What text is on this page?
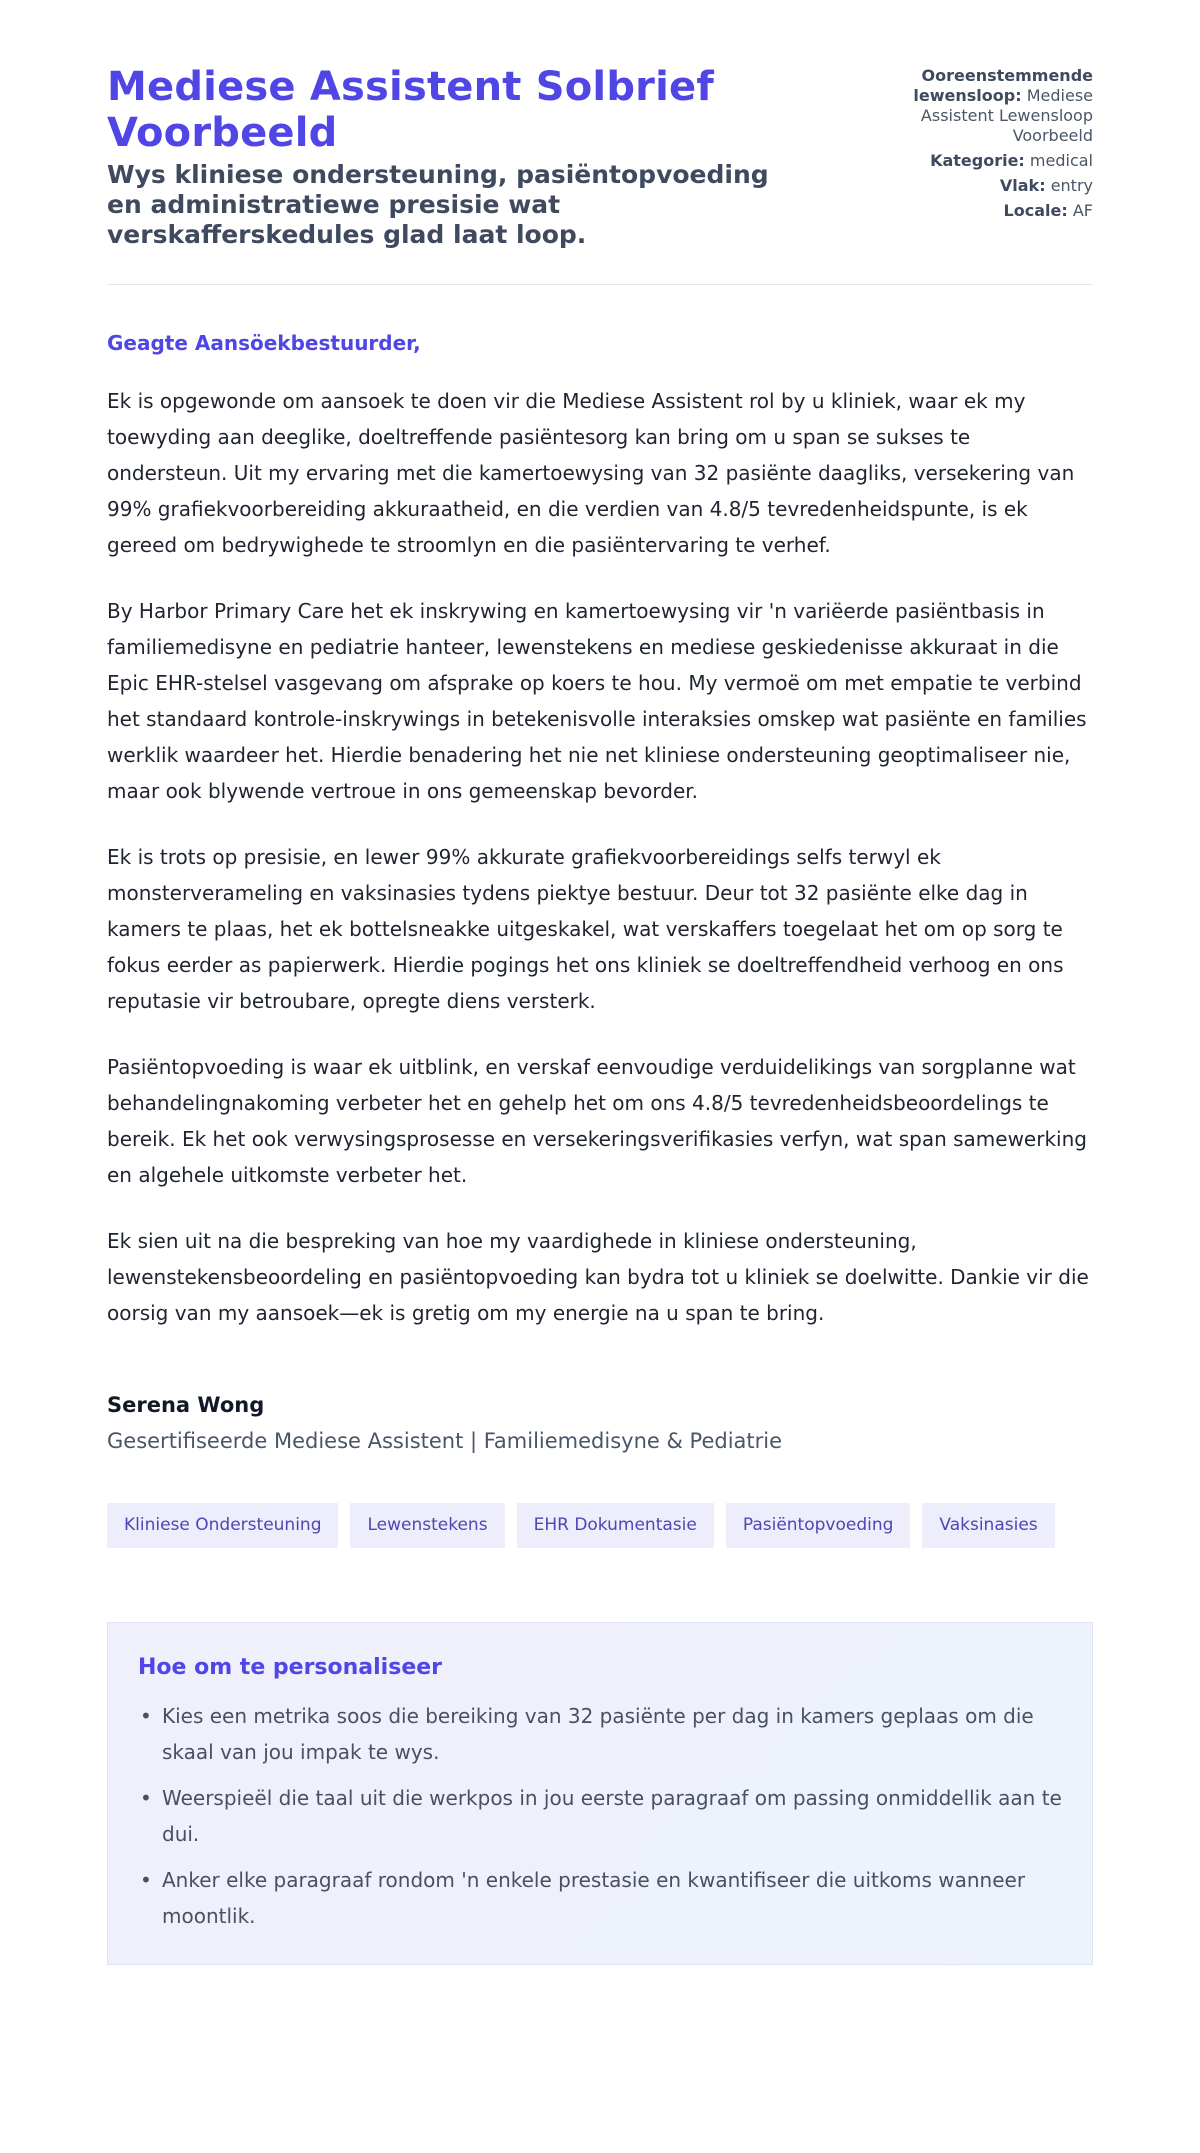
Mediese Assistent Solbrief Voorbeeld
Wys kliniese ondersteuning, pasiëntopvoeding en administratiewe presisie wat verskafferskedules glad laat loop.
Ooreenstemmende lewensloop: Mediese Assistent Lewensloop Voorbeeld
Kategorie: medical
Vlak: entry
Locale: AF
Geagte Aansöekbestuurder,

Ek is opgewonde om aansoek te doen vir die Mediese Assistent rol by u kliniek, waar ek my toewyding aan deeglike, doeltreffende pasiëntesorg kan bring om u span se sukses te ondersteun. Uit my ervaring met die kamertoewysing van 32 pasiënte daagliks, versekering van 99% grafiekvoorbereiding akkuraatheid, en die verdien van 4.8/5 tevredenheidspunte, is ek gereed om bedrywighede te stroomlyn en die pasiëntervaring te verhef.

By Harbor Primary Care het ek inskrywing en kamertoewysing vir 'n variëerde pasiëntbasis in familiemedisyne en pediatrie hanteer, lewenstekens en mediese geskiedenisse akkuraat in die Epic EHR-stelsel vasgevang om afsprake op koers te hou. My vermoë om met empatie te verbind het standaard kontrole-inskrywings in betekenisvolle interaksies omskep wat pasiënte en families werklik waardeer het. Hierdie benadering het nie net kliniese ondersteuning geoptimaliseer nie, maar ook blywende vertroue in ons gemeenskap bevorder.

Ek is trots op presisie, en lewer 99% akkurate grafiekvoorbereidings selfs terwyl ek monsterverameling en vaksinasies tydens piektye bestuur. Deur tot 32 pasiënte elke dag in kamers te plaas, het ek bottelsneakke uitgeskakel, wat verskaffers toegelaat het om op sorg te fokus eerder as papierwerk. Hierdie pogings het ons kliniek se doeltreffendheid verhoog en ons reputasie vir betroubare, opregte diens versterk.

Pasiëntopvoeding is waar ek uitblink, en verskaf eenvoudige verduidelikings van sorgplanne wat behandelingnakoming verbeter het en gehelp het om ons 4.8/5 tevredenheidsbeoordelings te bereik. Ek het ook verwysingsprosesse en versekeringsverifikasies verfyn, wat span samewerking en algehele uitkomste verbeter het.

Ek sien uit na die bespreking van hoe my vaardighede in kliniese ondersteuning, lewenstekensbeoordeling en pasiëntopvoeding kan bydra tot u kliniek se doelwitte. Dankie vir die oorsig van my aansoek—ek is gretig om my energie na u span te bring.

Serena Wong
Gesertifiseerde Mediese Assistent | Familiemedisyne & Pediatrie
Kliniese Ondersteuning	Lewenstekens	EHR Dokumentasie	Pasiëntopvoeding	Vaksinasies
Hoe om te personaliseer
• Kies een metrika soos die bereiking van 32 pasiënte per dag in kamers geplaas om die skaal van jou impak te wys.
• Weerspieël die taal uit die werkpos in jou eerste paragraaf om passing onmiddellik aan te dui.
• Anker elke paragraaf rondom 'n enkele prestasie en kwantifiseer die uitkoms wanneer moontlik.
